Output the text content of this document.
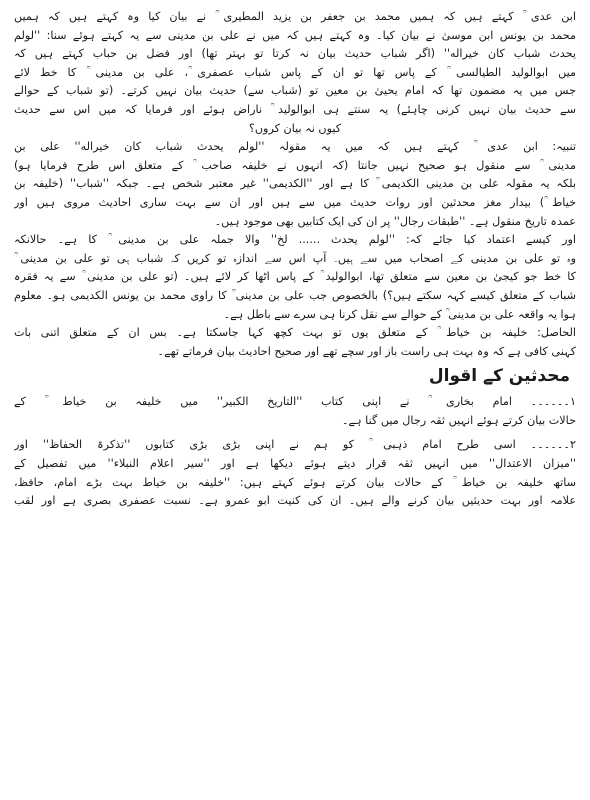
ابن عدی ؒ کہتے ہیں کہ ہمیں محمد بن جعفر بن یزید المطیری ؒ نے بیان کیا وہ کہتے ہیں کہ ہمیں
محمد بن یونس ابن موسیٰ نے بیان کیا۔ وہ کہتے ہیں کہ میں نے علی بن مدینی سے یہ کہتے ہوئے سنا: ''لولم
یحدث شباب کان خیراله'' (اگر شباب حدیث بیان نہ کرتا تو بہتر تھا) اور فضل بن حباب کہتے ہیں کہ
میں ابوالولید الطیالسی ؒ کے پاس تھا تو ان کے پاس شباب عصفری ؒ، علی بن مدینی ؒ کا خط لائے
جس میں یہ مضمون تھا کہ امام یحییٰ بن معین تو (شباب سے) حدیث بیان نہیں کرتے۔ (تو شباب کے حوالے
سے حدیث بیان نہیں کرنی چاہئے) یہ سنتے ہی ابوالولید ؒ ناراض ہوئے اور فرمایا کہ میں اس سے حدیث
کیوں نہ بیان کروں؟
تنبیہ: ابن عدی ؒ کہتے ہیں کہ میں یہ مقولہ ''لولم یحدث شباب کان خیراله'' علی بن
مدینی ؒ سے منقول ہو صحیح نہیں جانتا (کہ انہوں نے خلیفہ صاحب ؒ کے متعلق اس طرح فرمایا ہو)
بلکہ یہ مقولہ علی بن مدینی الکدیمی ؒ کا ہے اور ''الکدیمی'' غیر معتبر شخص ہے۔ جبکہ ''شباب'' (خلیفہ بن
خیاط ؒ) بیدار مغز محدثین اور روات حدیث میں سے ہیں اور ان سے بہت ساری احادیث مروی ہیں اور
عمدہ تاریخ منقول ہے۔ ''طبقات رجال'' پر ان کی ایک کتابیں بھی موجود ہیں۔
اور کیسے اعتماد کیا جائے کہ: ''لولم یحدث ...... لخ'' والا جملہ علی بن مدینی ؒ کا ہے۔ حالانکہ
وہ تو علی بن مدینی کے اصحاب میں سے ہیں۔ آپ اس سے اندازہ تو کریں کہ شباب ہی تو علی بن مدینی ؒ
کا خط جو کیجیٰ بن معین سے متعلق تھا، ابوالولید ؒ کے پاس اٹھا کر لائے ہیں۔ (تو علی بن مدینی ؒ سے یہ فقرہ
شباب کے متعلق کیسے کہہ سکتے ہیں؟) بالخصوص جب علی بن مدینی ؒ کا راوی محمد بن یونس الکدیمی ہو۔ معلوم
ہوا یہ واقعہ علی بن مدینی ؒ کے حوالے سے نقل کرنا ہی سرے سے باطل ہے۔
الحاصل: خلیفہ بن خیاط ؒ کے متعلق یوں تو بہت کچھ کہا جاسکتا ہے۔ بس ان کے متعلق اتنی بات
کہنی کافی ہے کہ وہ بہت ہی راست باز اور سچے تھے اور صحیح احادیث بیان فرماتے تھے۔
محدثین کے اقوال
۱۔۔۔۔۔۔ امام بخاری ؒ نے اپنی کتاب ''التاریخ الکبیر'' میں خلیفہ بن خیاط ؒ کے
حالات بیان کرتے ہوئے انہیں ثقہ رجال میں گنا ہے۔
۲۔۔۔۔۔۔ اسی طرح امام ذہبی ؒ کو ہم نے اپنی بڑی بڑی کتابوں ''تذکرۃ الحفاظ'' اور
''میزان الاعتدال'' میں انہیں ثقہ قرار دیتے ہوئے دیکھا ہے اور ''سیر اعلام النبلاء'' میں تفصیل کے
ساتھ خلیفہ بن خیاط ؒ کے حالات بیان کرتے ہوئے کہتے ہیں: ''خلیفہ بن خیاط بہت بڑے امام، حافظ،
علامہ اور بہت حدیثیں بیان کرنے والے ہیں۔ ان کی کنیت ابو عمرو ہے۔ نسبت عصفری بصری ہے اور لقب
